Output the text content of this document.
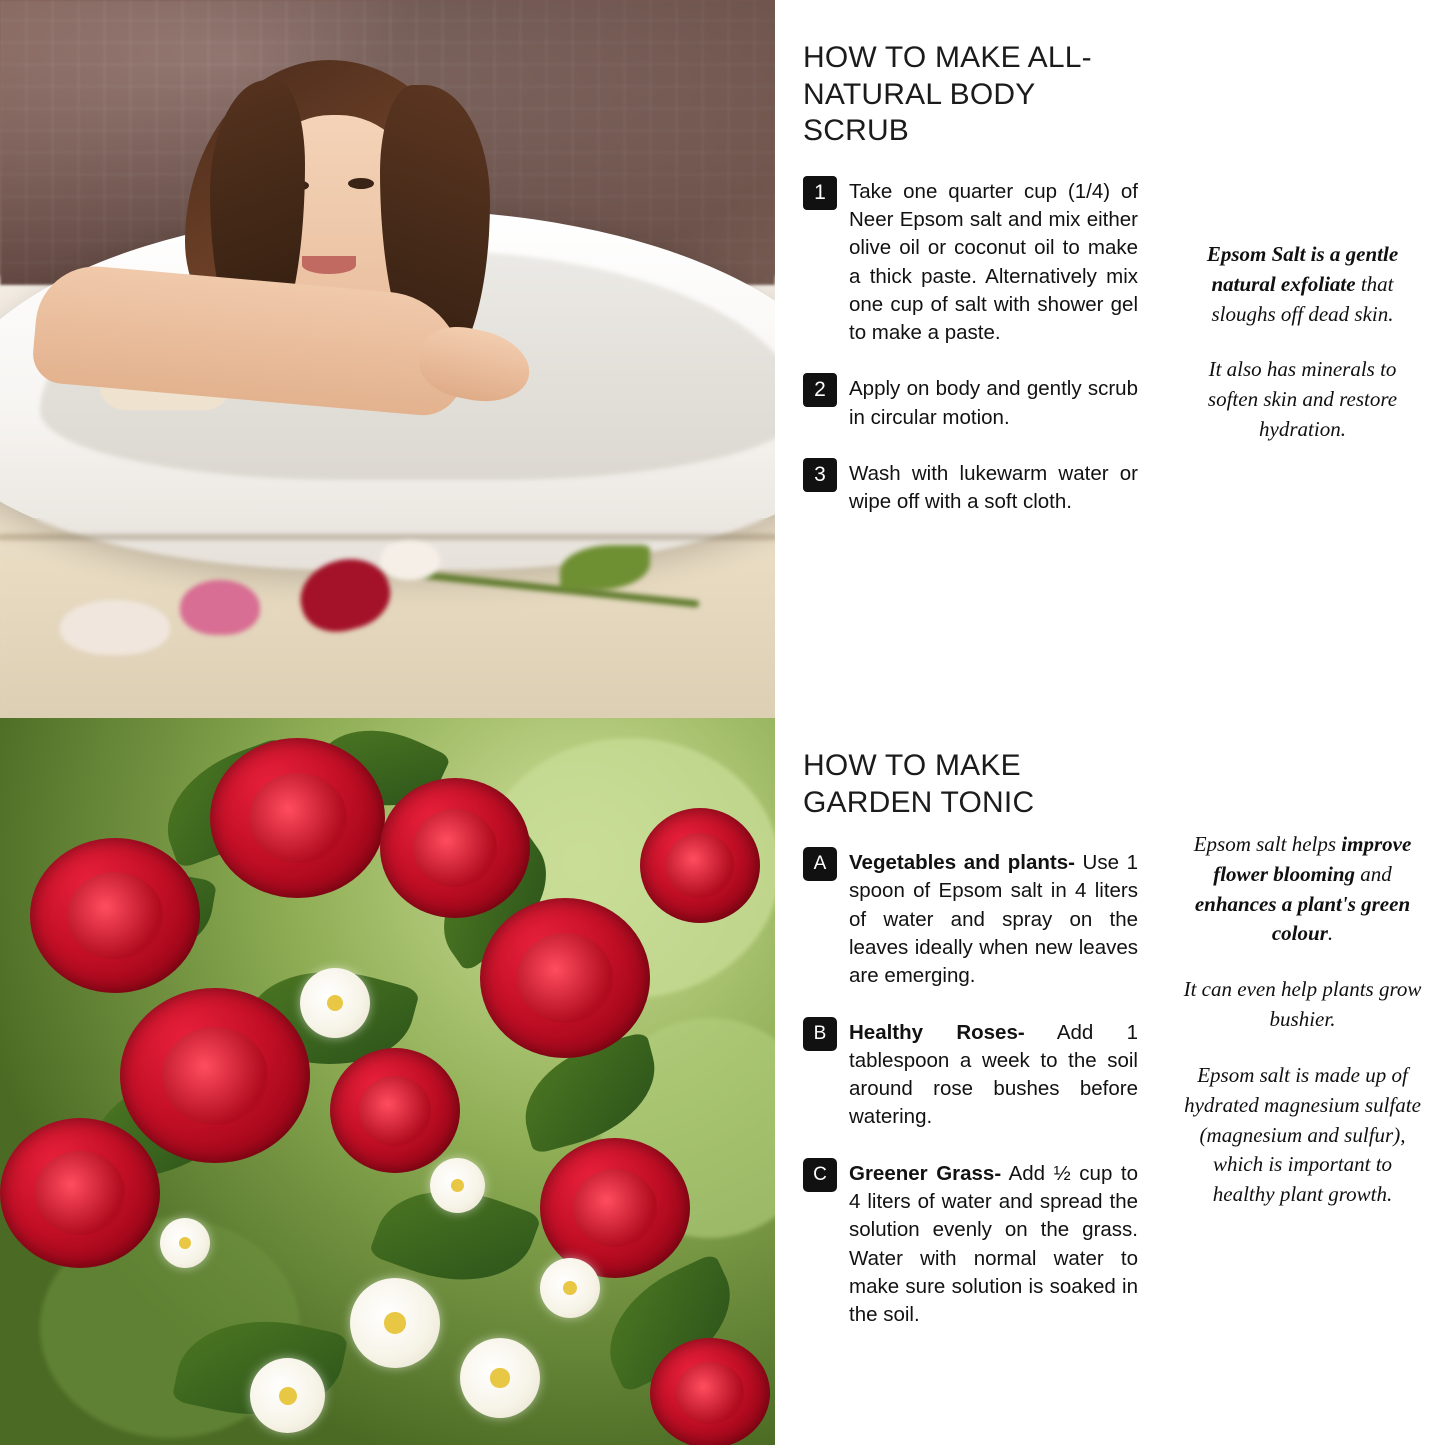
HOW TO MAKE ALL-NATURAL BODY SCRUB
1	Take one quarter cup (1/4) of Neer Epsom salt and mix either olive oil or coconut oil to make a thick paste. Alternatively mix one cup of salt with shower gel to make a paste.
2	Apply on body and gently scrub in circular motion.
3	Wash with lukewarm water or wipe off with a soft cloth.

Epsom Salt is a gentle natural exfoliate that sloughs off dead skin.

It also has minerals to soften skin and restore hydration.

HOW TO MAKE GARDEN TONIC
A	Vegetables and plants- Use 1 spoon of Epsom salt in 4 liters of water and spray on the leaves ideally when new leaves are emerging.
B	Healthy Roses- Add 1 tablespoon a week to the soil around rose bushes before watering.
C	Greener Grass- Add ½ cup to 4 liters of water and spread the solution evenly on the grass. Water with normal water to make sure solution is soaked in the soil.

Epsom salt helps improve flower blooming and enhances a plant's green colour.

It can even help plants grow bushier.

Epsom salt is made up of hydrated magnesium sulfate (magnesium and sulfur), which is important to healthy plant growth.
